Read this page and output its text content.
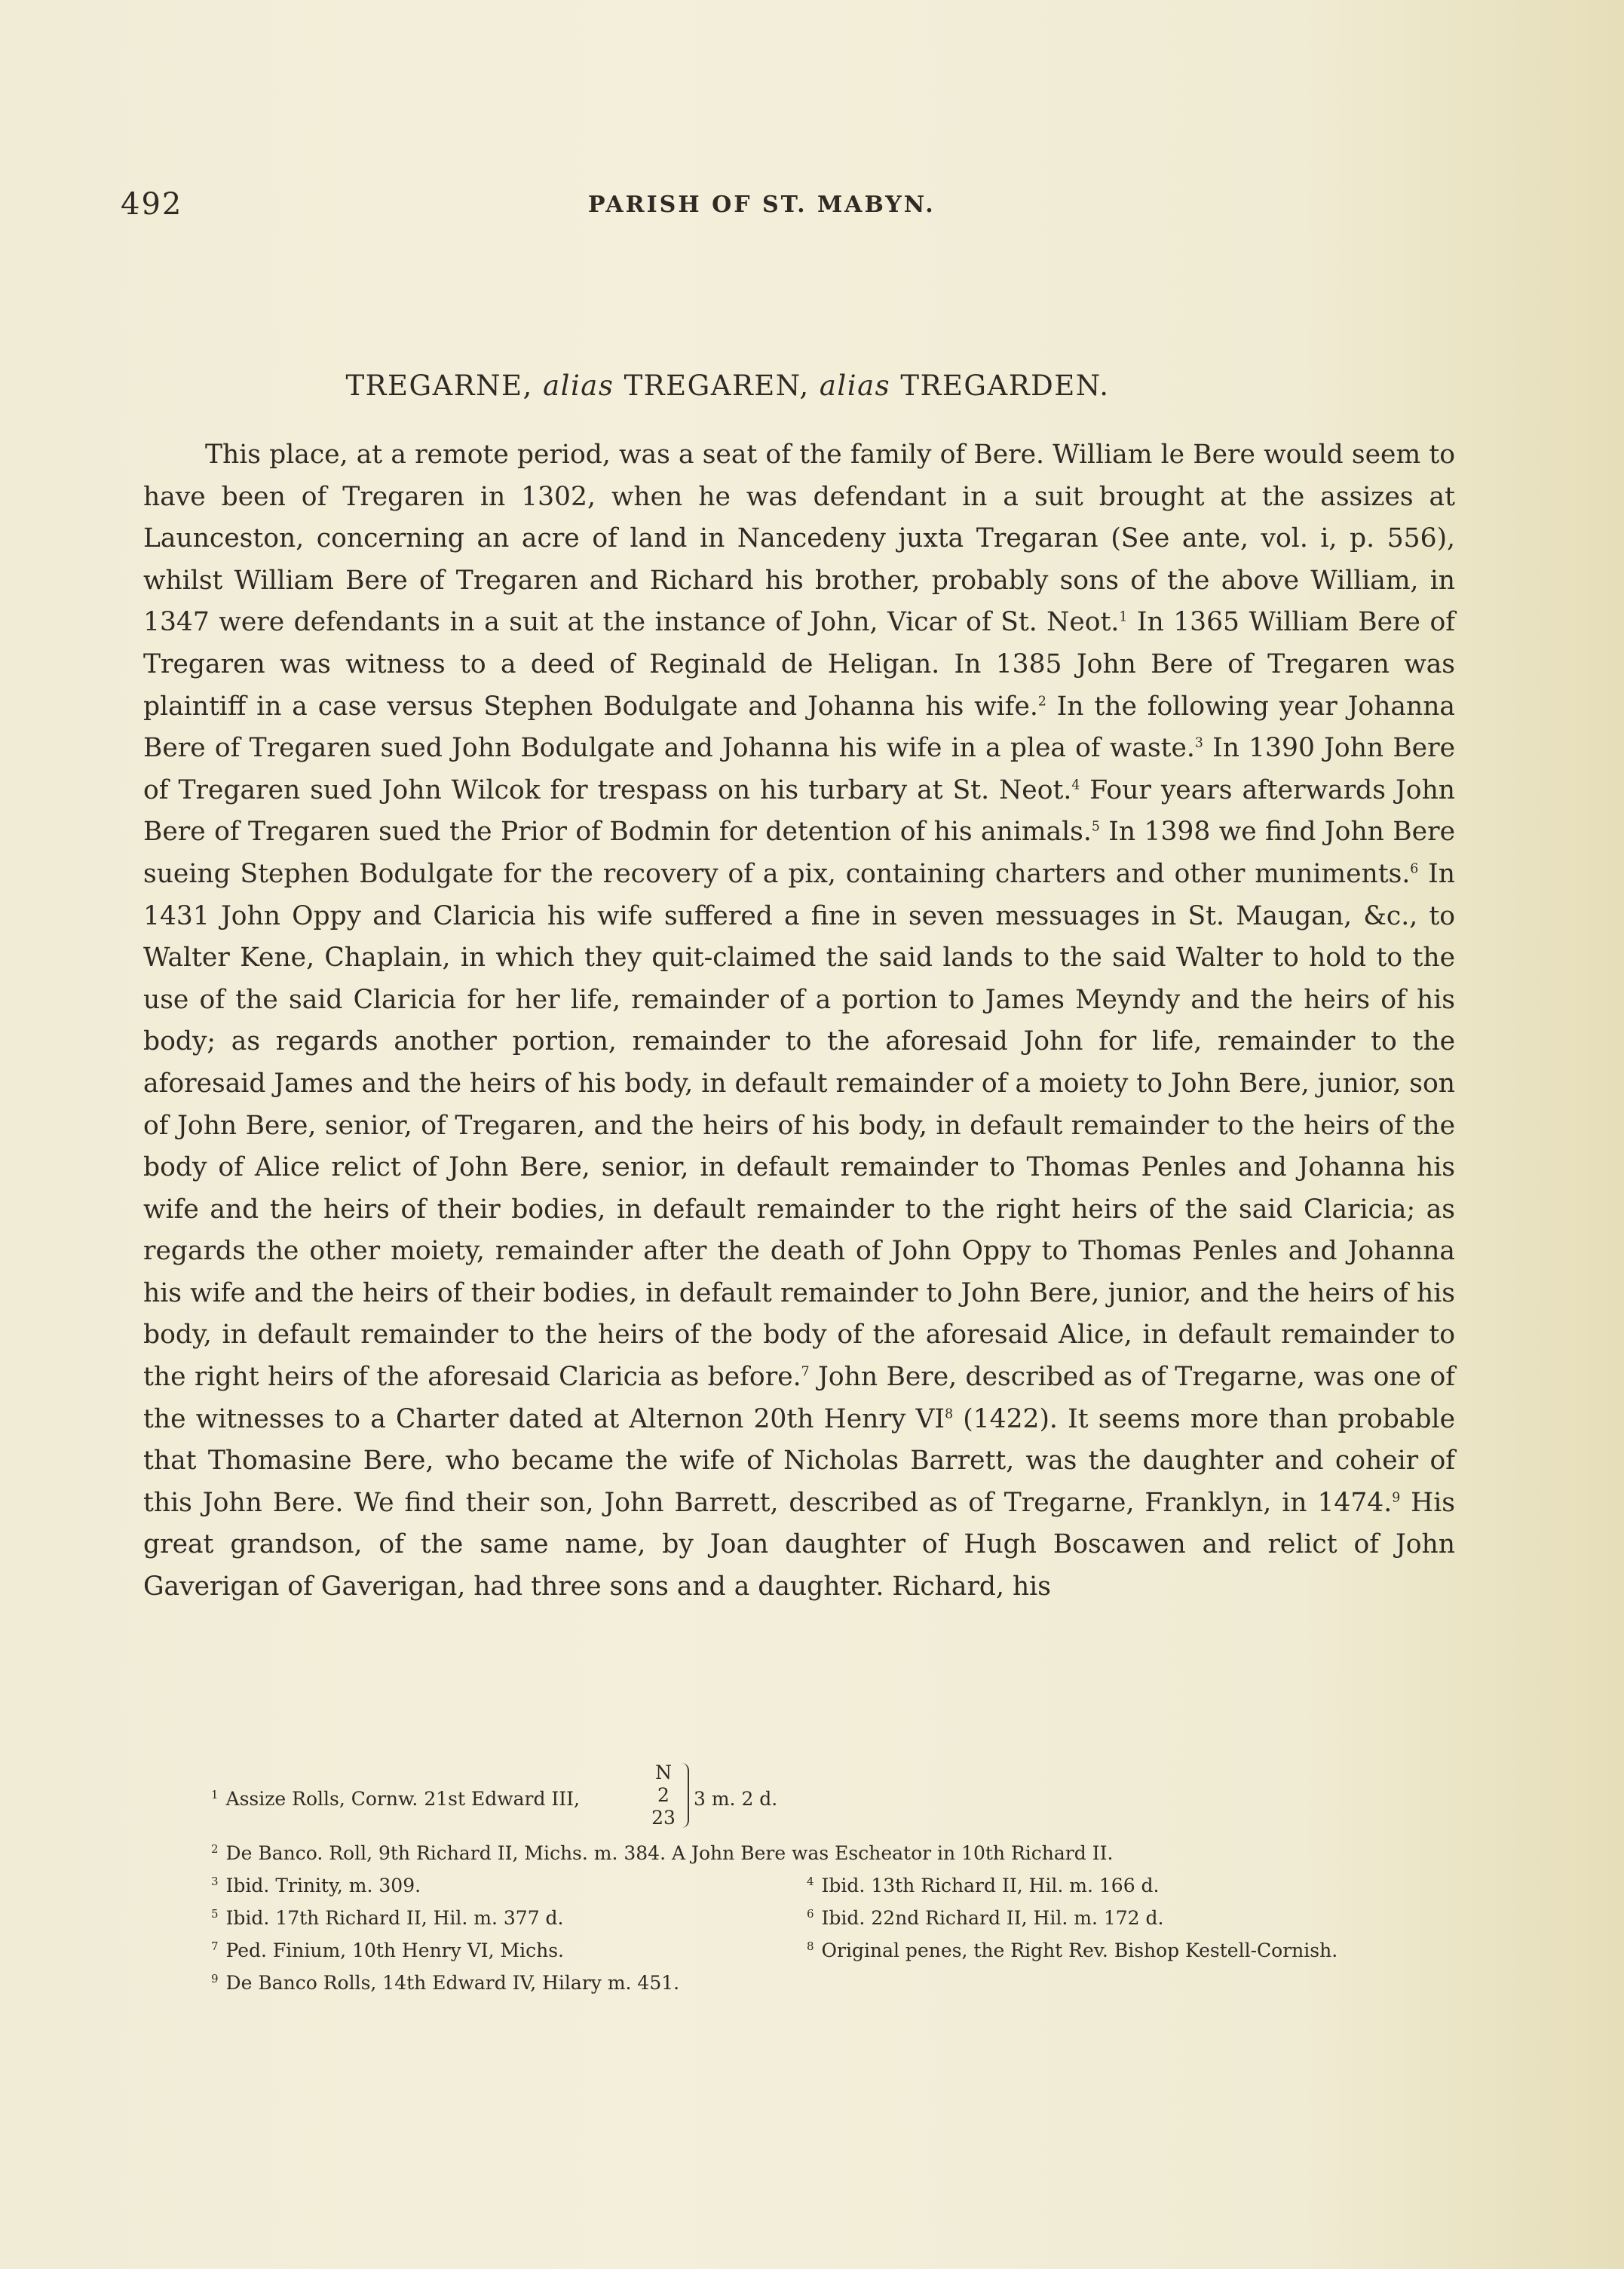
492	PARISH OF ST. MABYN.
TREGARNE, alias TREGAREN, alias TREGARDEN.

This place, at a remote period, was a seat of the family of Bere. William le Bere would seem to have been of Tregaren in 1302, when he was defendant in a suit brought at the assizes at Launceston, concerning an acre of land in Nancedeny juxta Tregaran (See ante, vol. i, p. 556), whilst William Bere of Tregaren and Richard his brother, probably sons of the above William, in 1347 were defendants in a suit at the instance of John, Vicar of St. Neot.$^1$ In 1365 William Bere of Tregaren was witness to a deed of Reginald de Heligan. In 1385 John Bere of Tregaren was plaintiff in a case versus Stephen Bodulgate and Johanna his wife.$^2$ In the following year Johanna Bere of Tregaren sued John Bodulgate and Johanna his wife in a plea of waste.$^3$ In 1390 John Bere of Tregaren sued John Wilcok for trespass on his turbary at St. Neot.$^4$ Four years afterwards John Bere of Tregaren sued the Prior of Bodmin for detention of his animals.$^5$ In 1398 we find John Bere sueing Stephen Bodulgate for the recovery of a pix, containing charters and other muniments.$^6$ In 1431 John Oppy and Claricia his wife suffered a fine in seven messuages in St. Maugan, &c., to Walter Kene, Chaplain, in which they quit-claimed the said lands to the said Walter to hold to the use of the said Claricia for her life, remainder of a portion to James Meyndy and the heirs of his body; as regards another portion, remainder to the aforesaid John for life, remainder to the aforesaid James and the heirs of his body, in default remainder of a moiety to John Bere, junior, son of John Bere, senior, of Tregaren, and the heirs of his body, in default remainder to the heirs of the body of Alice relict of John Bere, senior, in default remainder to Thomas Penles and Johanna his wife and the heirs of their bodies, in default remainder to the right heirs of the said Claricia; as regards the other moiety, remainder after the death of John Oppy to Thomas Penles and Johanna his wife and the heirs of their bodies, in default remainder to John Bere, junior, and the heirs of his body, in default remainder to the heirs of the body of the aforesaid Alice, in default remainder to the right heirs of the aforesaid Claricia as before.$^7$ John Bere, described as of Tregarne, was one of the witnesses to a Charter dated at Alternon 20th Henry $VI^8$ (1422). It seems more than probable that Thomasine Bere, who became the wife of Nicholas Barrett, was the daughter and coheir of this John Bere. We find their son, John Barrett, described as of Tregarne, Franklyn, in 1474.$^9$ His great grandson, of the same name, by Joan daughter of Hugh Boscawen and relict of John Gaverigan of Gaverigan, had three sons and a daughter. Richard, his

$^1$ Assize Rolls, Cornw. 21st Edward III,
N
2
23
3 m. 2 d.
$^2$ De Banco. Roll, 9th Richard II, Michs. m. 384. A John Bere was Escheator in 10th Richard II.
$^3$ Ibid. Trinity, m. 309.	$^4$ Ibid. 13th Richard II, Hil. m. 166 d.
$^5$ Ibid. 17th Richard II, Hil. m. 377 d.	$^6$ Ibid. 22nd Richard II, Hil. m. 172 d.
$^7$ Ped. Finium, 10th Henry VI, Michs.	$^8$ Original penes, the Right Rev. Bishop Kestell-Cornish.
$^9$ De Banco Rolls, 14th Edward IV, Hilary m. 451.
